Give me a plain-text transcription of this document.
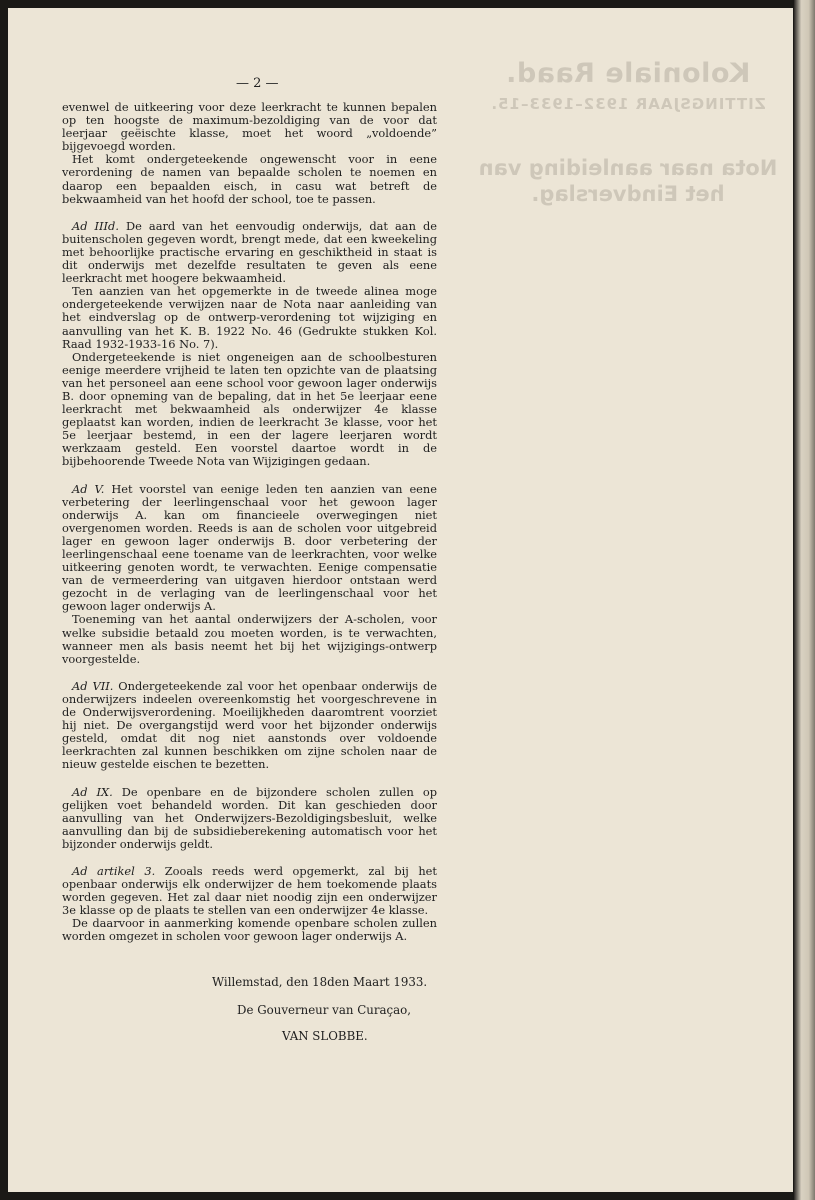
Koloniale Raad.
ZITTINGSJAAR 1932–1933–15.
Nota naar aanleiding van het Eindverslag.
— 2 —

evenwel de uitkeering voor deze leerkracht te kunnen bepalen op ten hoogste de maximum-bezoldiging van de voor dat leerjaar geëischte klasse, moet het woord „voldoende” bijgevoegd worden.

Het komt ondergeteekende ongewenscht voor in eene verordening de namen van bepaalde scholen te noemen en daarop een bepaalden eisch, in casu wat betreft de bekwaamheid van het hoofd der school, toe te passen.

Ad IIId. De aard van het eenvoudig onderwijs, dat aan de buitenscholen gegeven wordt, brengt mede, dat een kweekeling met behoorlijke practische ervaring en geschiktheid in staat is dit onderwijs met dezelfde resultaten te geven als eene leerkracht met hoogere bekwaamheid.

Ten aanzien van het opgemerkte in de tweede alinea moge ondergeteekende verwijzen naar de Nota naar aanleiding van het eindverslag op de ontwerp-verordening tot wijziging en aanvulling van het K. B. 1922 No. 46 (Gedrukte stukken Kol. Raad 1932-1933-16 No. 7).

Ondergeteekende is niet ongeneigen aan de schoolbesturen eenige meerdere vrijheid te laten ten opzichte van de plaatsing van het personeel aan eene school voor gewoon lager onderwijs B. door opneming van de bepaling, dat in het 5e leerjaar eene leerkracht met bekwaamheid als onderwijzer 4e klasse geplaatst kan worden, indien de leerkracht 3e klasse, voor het 5e leerjaar bestemd, in een der lagere leerjaren wordt werkzaam gesteld. Een voorstel daartoe wordt in de bijbehoorende Tweede Nota van Wijzigingen gedaan.

Ad V. Het voorstel van eenige leden ten aanzien van eene verbetering der leerlingenschaal voor het gewoon lager onderwijs A. kan om financieele overwegingen niet overgenomen worden. Reeds is aan de scholen voor uitgebreid lager en gewoon lager onderwijs B. door verbetering der leerlingenschaal eene toename van de leerkrachten, voor welke uitkeering genoten wordt, te verwachten. Eenige compensatie van de vermeerdering van uitgaven hierdoor ontstaan werd gezocht in de verlaging van de leerlingenschaal voor het gewoon lager onderwijs A.

Toeneming van het aantal onderwijzers der A-scholen, voor welke subsidie betaald zou moeten worden, is te verwachten, wanneer men als basis neemt het bij het wijzigings-ontwerp voorgestelde.

Ad VII. Ondergeteekende zal voor het openbaar onderwijs de onderwijzers indeelen overeenkomstig het voorgeschrevene in de Onderwijsverordening. Moeilijkheden daaromtrent voorziet hij niet. De overgangstijd werd voor het bijzonder onderwijs gesteld, omdat dit nog niet aanstonds over voldoende leerkrachten zal kunnen beschikken om zijne scholen naar de nieuw gestelde eischen te bezetten.

Ad IX. De openbare en de bijzondere scholen zullen op gelijken voet behandeld worden. Dit kan geschieden door aanvulling van het Onderwijzers-Bezoldigingsbesluit, welke aanvulling dan bij de subsidieberekening automatisch voor het bijzonder onderwijs geldt.

Ad artikel 3. Zooals reeds werd opgemerkt, zal bij het openbaar onderwijs elk onderwijzer de hem toekomende plaats worden gegeven. Het zal daar niet noodig zijn een onderwijzer 3e klasse op de plaats te stellen van een onderwijzer 4e klasse.

De daarvoor in aanmerking komende openbare scholen zullen worden omgezet in scholen voor gewoon lager onderwijs A.

Willemstad, den 18den Maart 1933.
De Gouverneur van Curaçao,
VAN SLOBBE.
